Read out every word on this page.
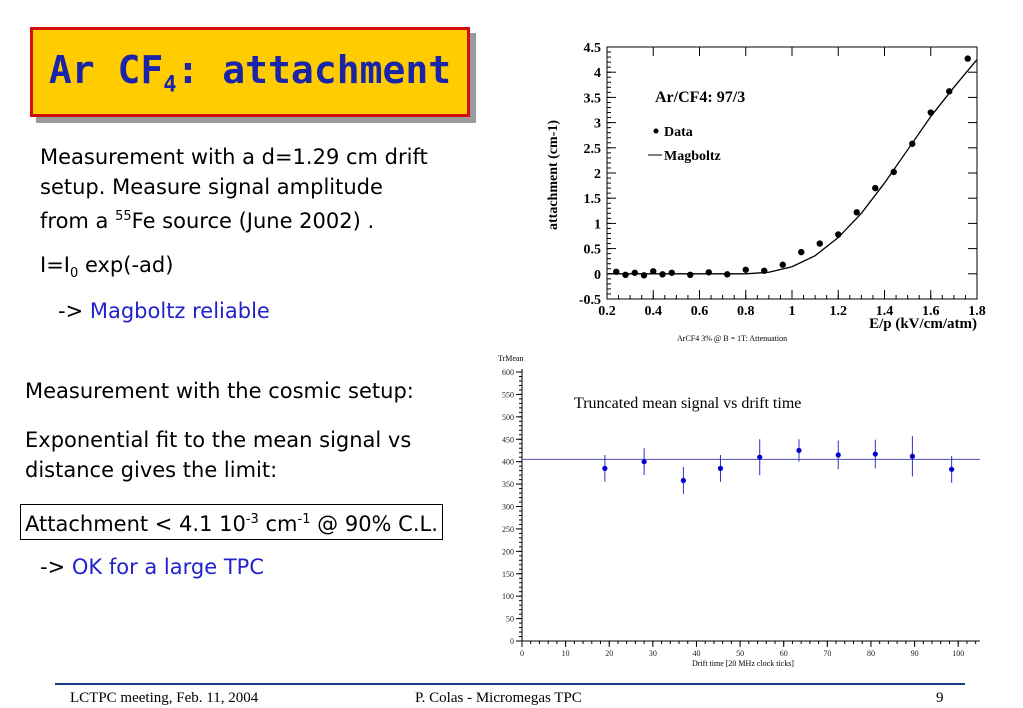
Ar $CF_4$: attachment
Measurement with a d=1.29 cm drift
setup. Measure signal amplitude
from a $^{55}$Fe source (June 2002) .
$I=I_0$ exp(-ad)
-> Magboltz reliable
Measurement with the cosmic setup:
Exponential fit to the mean signal vs
distance gives the limit:
Attachment < 4.1 $10^{-3}$ $cm^{-1}$ @ 90% C.L.
-> OK for a large TPC
0.2 0.4 0.6 0.8 1 1.2 1.4 1.6 1.8
-0.5
0
0.5
1
1.5
2
2.5
3
3.5
4
4.5
Ar/CF4: 97/3
Data
Magboltz
E/p (kV/cm/atm)
attachment (cm-1)
ArCF4 3% @ B = 1T: Attenuation
0
50
100
150
200
250
300
350
400
450
500
550
600
0	10	20	30	40	50	60	70	80	90	100
TrMean
Drift time [20 MHz clock ticks]
Truncated mean signal vs drift time
LCTPC meeting, Feb. 11, 2004	P. Colas - Micromegas TPC	9
